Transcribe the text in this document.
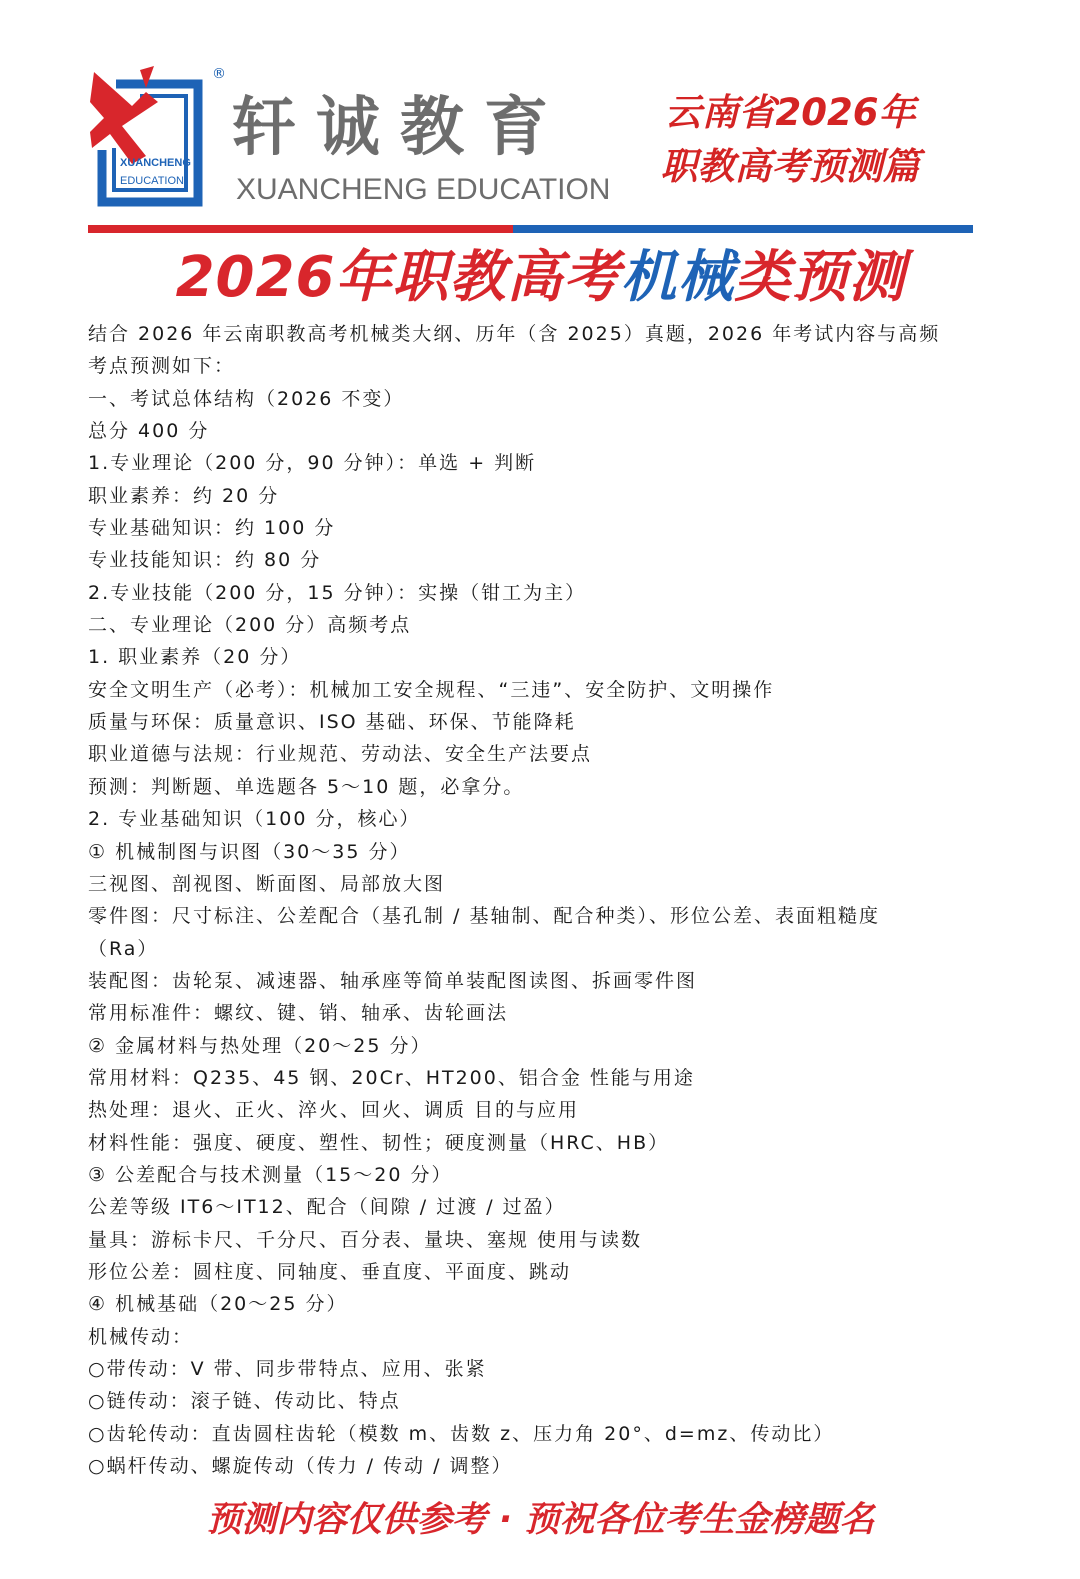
XUANCHENG
EDUCATION
®
轩诚教育
XUANCHENG EDUCATION
云南省2026年
职教高考预测篇
2026年职教高考机械类预测
结合 2026 年云南职教高考机械类大纲、历年（含 2025）真题，2026 年考试内容与高频
考点预测如下：
一、考试总体结构（2026 不变）
总分 400 分
1.专业理论（200 分，90 分钟）：单选 + 判断
职业素养：约 20 分
专业基础知识：约 100 分
专业技能知识：约 80 分
2.专业技能（200 分，15 分钟）：实操（钳工为主）
二、专业理论（200 分）高频考点
1. 职业素养（20 分）
安全文明生产（必考）：机械加工安全规程、“三违”、安全防护、文明操作
质量与环保：质量意识、ISO 基础、环保、节能降耗
职业道德与法规：行业规范、劳动法、安全生产法要点
预测：判断题、单选题各 5～10 题，必拿分。
2. 专业基础知识（100 分，核心）
① 机械制图与识图（30～35 分）
三视图、剖视图、断面图、局部放大图
零件图：尺寸标注、公差配合（基孔制 / 基轴制、配合种类）、形位公差、表面粗糙度
（Ra）
装配图：齿轮泵、减速器、轴承座等简单装配图读图、拆画零件图
常用标准件：螺纹、键、销、轴承、齿轮画法
② 金属材料与热处理（20～25 分）
常用材料：Q235、45 钢、20Cr、HT200、铝合金 性能与用途
热处理：退火、正火、淬火、回火、调质 目的与应用
材料性能：强度、硬度、塑性、韧性；硬度测量（HRC、HB）
③ 公差配合与技术测量（15～20 分）
公差等级 IT6～IT12、配合（间隙 / 过渡 / 过盈）
量具：游标卡尺、千分尺、百分表、量块、塞规 使用与读数
形位公差：圆柱度、同轴度、垂直度、平面度、跳动
④ 机械基础（20～25 分）
机械传动：
○带传动：V 带、同步带特点、应用、张紧
○链传动：滚子链、传动比、特点
○齿轮传动：直齿圆柱齿轮（模数 m、齿数 z、压力角 20°、d=mz、传动比）
○蜗杆传动、螺旋传动（传力 / 传动 / 调整）
预测内容仅供参考 · 预祝各位考生金榜题名
